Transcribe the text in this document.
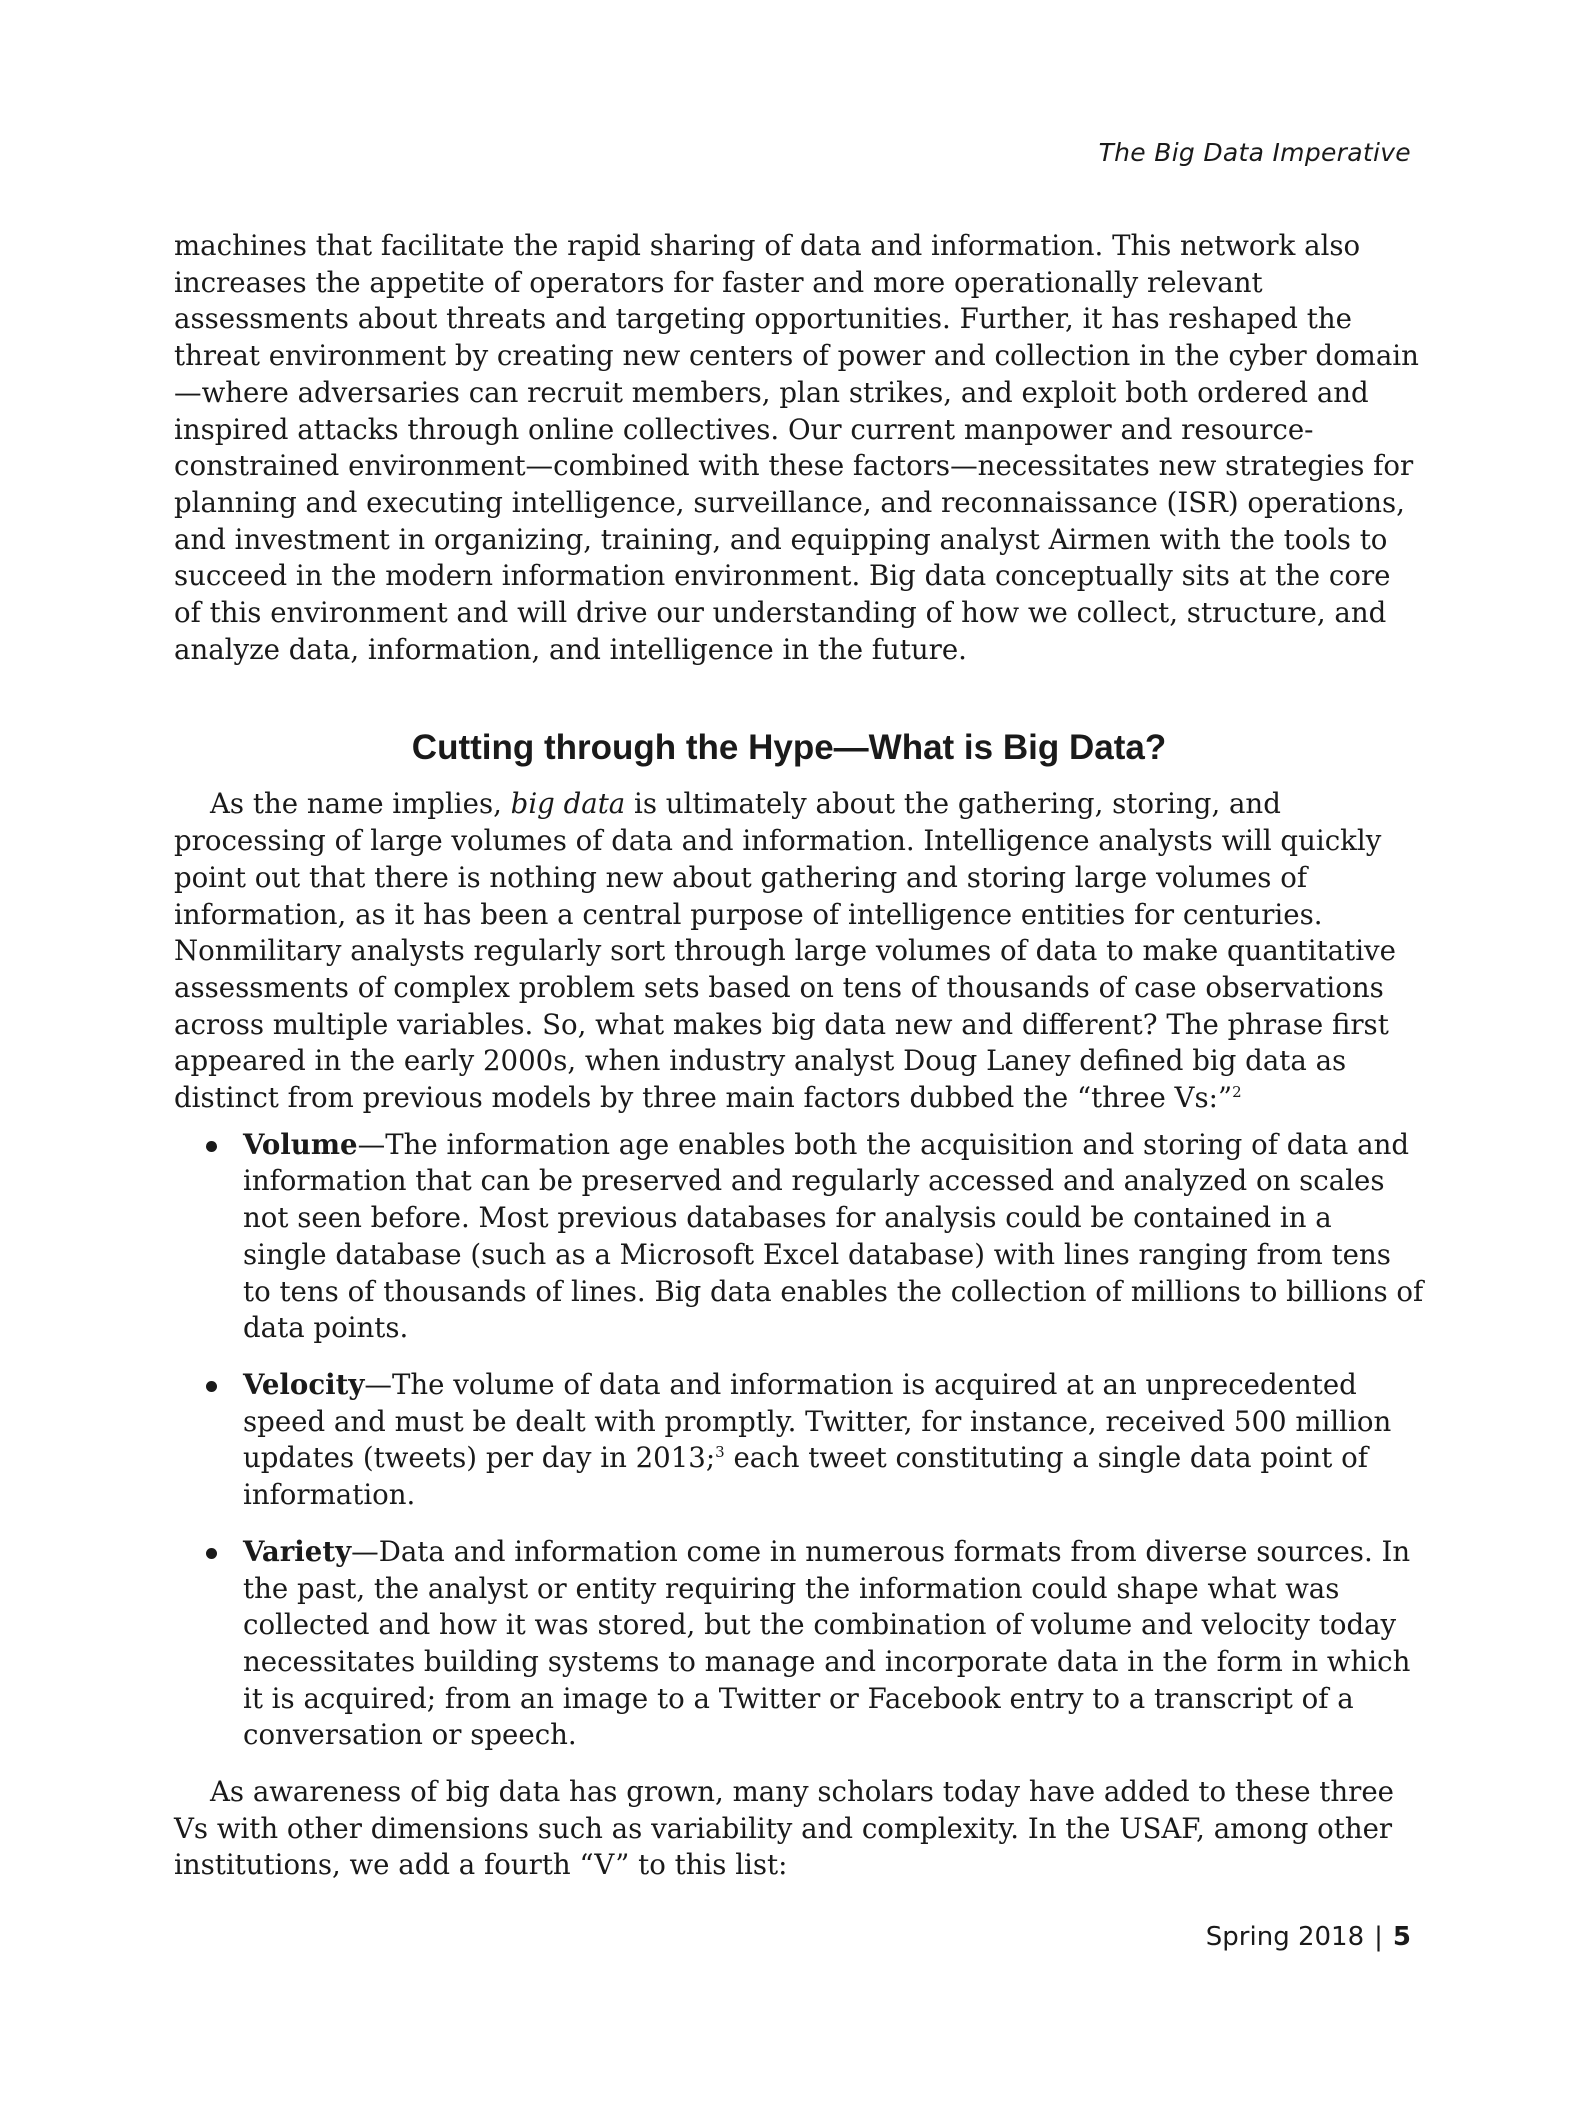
The Big Data Imperative

machines that facilitate the rapid sharing of data and information. This network also increases the appetite of operators for faster and more operationally relevant assessments about threats and targeting opportunities. Further, it has reshaped the threat environment by creating new centers of power and collection in the cyber domain—where adversaries can recruit members, plan strikes, and exploit both ordered and inspired attacks through online collectives. Our current manpower and resource-constrained environment—combined with these factors—necessitates new strategies for planning and executing intelligence, surveillance, and reconnaissance (ISR) operations, and investment in organizing, training, and equipping analyst Airmen with the tools to succeed in the modern information environment. Big data conceptually sits at the core of this environment and will drive our understanding of how we collect, structure, and analyze data, information, and intelligence in the future.

Cutting through the Hype—What is Big Data?

As the name implies, big data is ultimately about the gathering, storing, and processing of large volumes of data and information. Intelligence analysts will quickly point out that there is nothing new about gathering and storing large volumes of information, as it has been a central purpose of intelligence entities for centuries. Nonmilitary analysts regularly sort through large volumes of data to make quantitative assessments of complex problem sets based on tens of thousands of case observations across multiple variables. So, what makes big data new and different? The phrase first appeared in the early 2000s, when industry analyst Doug Laney defined big data as distinct from previous models by three main factors dubbed the “three Vs:”$^2$

Volume—The information age enables both the acquisition and storing of data and information that can be preserved and regularly accessed and analyzed on scales not seen before. Most previous databases for analysis could be contained in a single database (such as a Microsoft Excel database) with lines ranging from tens to tens of thousands of lines. Big data enables the collection of millions to billions of data points.
Velocity—The volume of data and information is acquired at an unprecedented speed and must be dealt with promptly. Twitter, for instance, received 500 million updates (tweets) per day in 2013;$^3$ each tweet constituting a single data point of information.
Variety—Data and information come in numerous formats from diverse sources. In the past, the analyst or entity requiring the information could shape what was collected and how it was stored, but the combination of volume and velocity today necessitates building systems to manage and incorporate data in the form in which it is acquired; from an image to a Twitter or Facebook entry to a transcript of a conversation or speech.

As awareness of big data has grown, many scholars today have added to these three Vs with other dimensions such as variability and complexity. In the USAF, among other institutions, we add a fourth “V” to this list:

Spring 2018 | 5
